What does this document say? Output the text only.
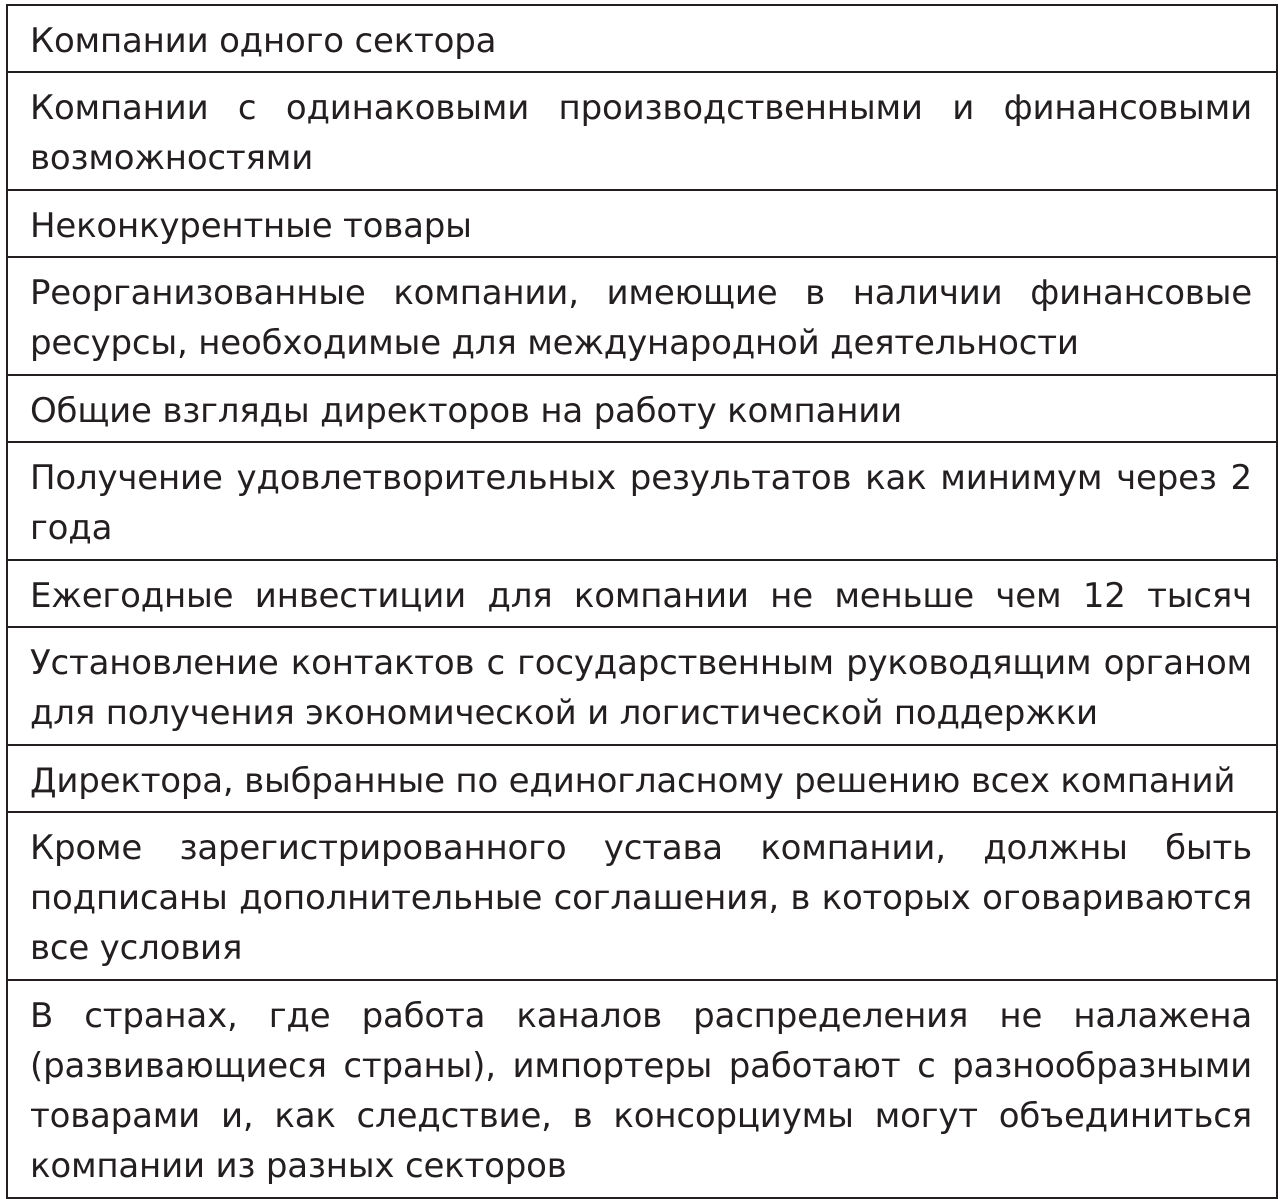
Компании одного сектора
Компании с одинаковыми производственными и финансовыми возможностями
Неконкурентные товары
Реорганизованные компании, имеющие в наличии финансовые ресурсы, необходимые для международной деятельности
Общие взгляды директоров на работу компании
Получение удовлетворительных результатов как минимум через 2 года
Ежегодные инвестиции для компании не меньше чем 12 тысяч
Установление контактов с государственным руководящим органом для получения экономической и логистической поддержки
Директора, выбранные по единогласному решению всех компаний
Кроме зарегистрированного устава компании, должны быть подписаны дополнительные соглашения, в которых оговариваются все условия
В странах, где работа каналов распределения не налажена (развивающиеся страны), импортеры работают с разнообразными товарами и, как следствие, в консорциумы могут объединиться компании из разных секторов
